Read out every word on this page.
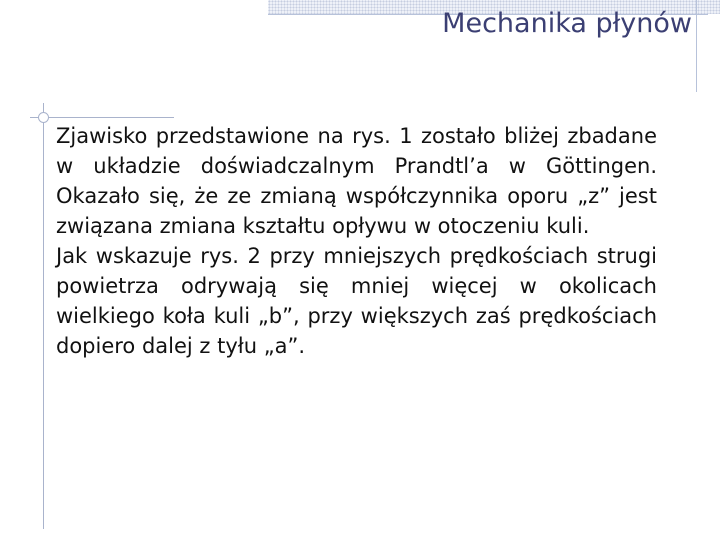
Mechanika płynów

Zjawisko przedstawione na rys. 1 zostało bliżej zbadane w układzie doświadczalnym Prandtl’a w Göttingen. Okazało się, że ze zmianą współczynnika oporu „z” jest związana zmiana kształtu opływu w otoczeniu kuli.

Jak wskazuje rys. 2 przy mniejszych prędkościach strugi powietrza odrywają się mniej więcej w okolicach wielkiego koła kuli „b”, przy większych zaś prędkościach dopiero dalej z tyłu „a”.
